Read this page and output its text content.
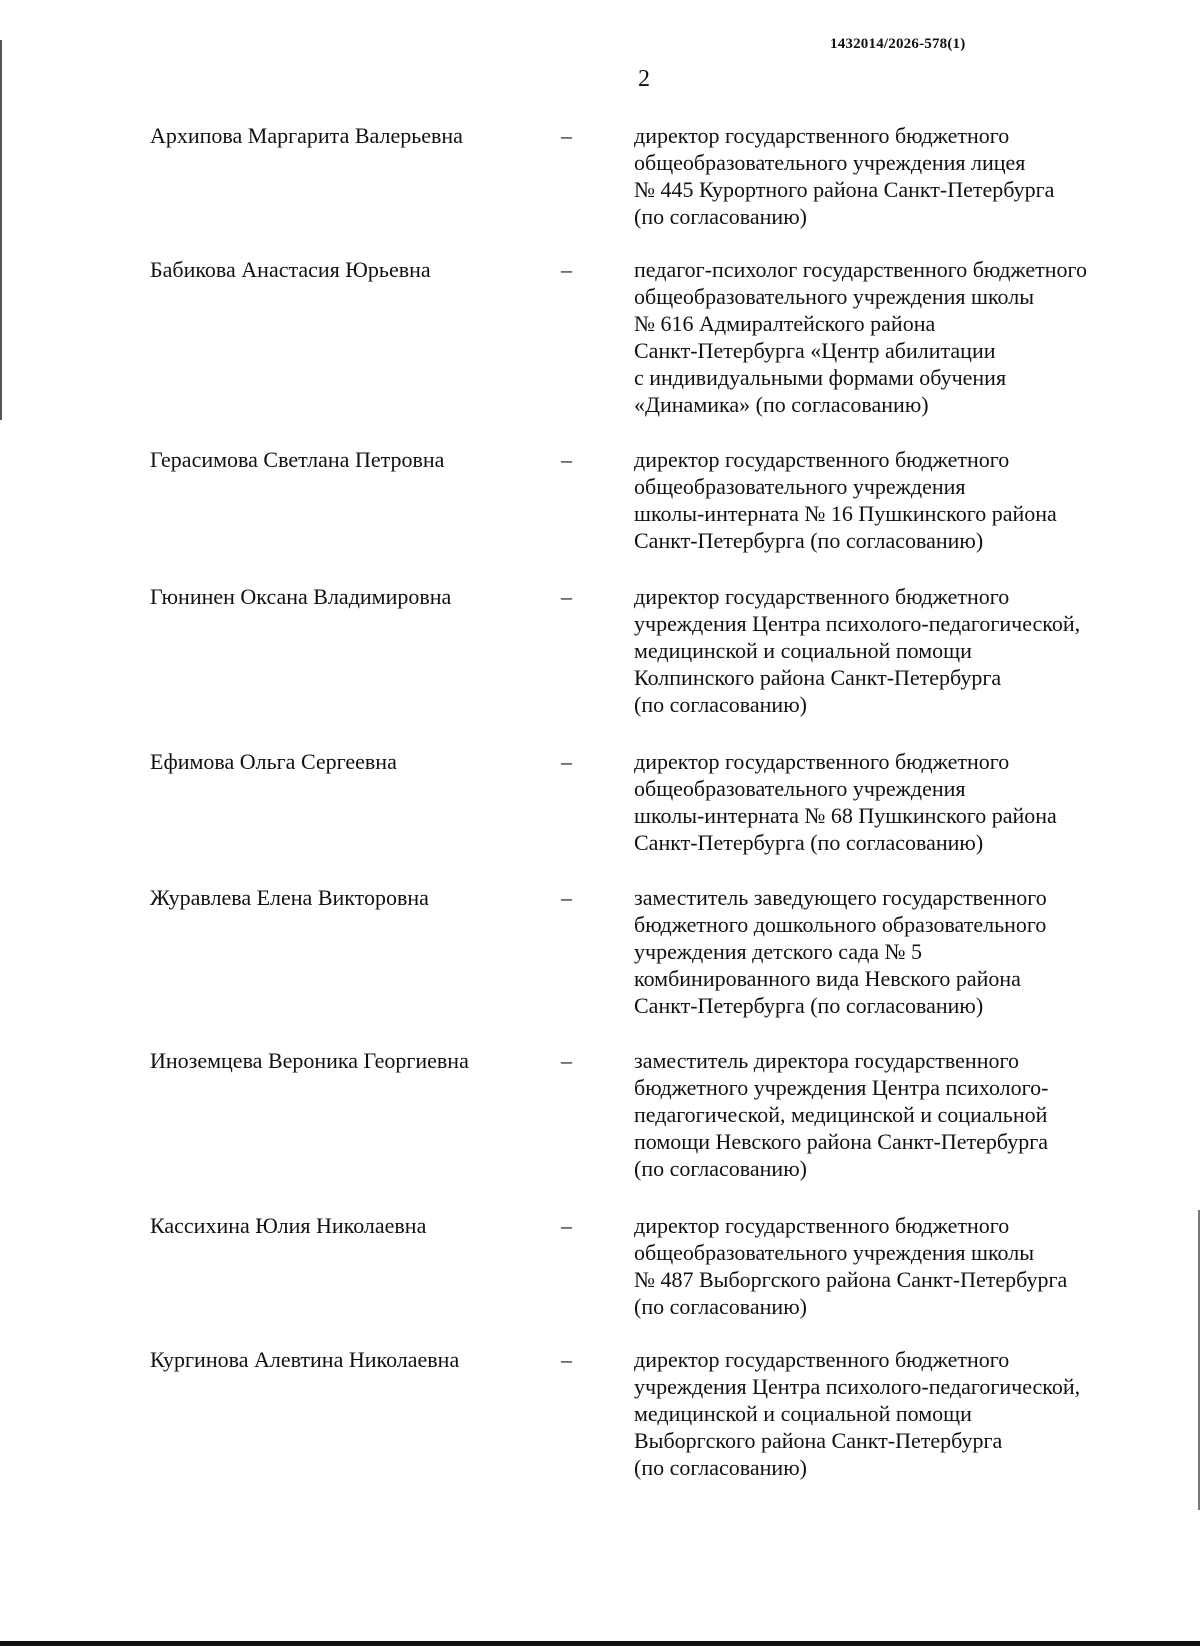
1432014/2026-578(1)
2
Архипова Маргарита Валерьевна	–	директор государственного бюджетного
общеобразовательного учреждения лицея
№ 445 Курортного района Санкт-Петербурга
(по согласованию)
Бабикова Анастасия Юрьевна	–	педагог-психолог государственного бюджетного
общеобразовательного учреждения школы
№ 616 Адмиралтейского района
Санкт-Петербурга «Центр абилитации
с индивидуальными формами обучения
«Динамика» (по согласованию)
Герасимова Светлана Петровна	–	директор государственного бюджетного
общеобразовательного учреждения
школы-интерната № 16 Пушкинского района
Санкт-Петербурга (по согласованию)
Гюнинен Оксана Владимировна	–	директор государственного бюджетного
учреждения Центра психолого-педагогической,
медицинской и социальной помощи
Колпинского района Санкт-Петербурга
(по согласованию)
Ефимова Ольга Сергеевна	–	директор государственного бюджетного
общеобразовательного учреждения
школы-интерната № 68 Пушкинского района
Санкт-Петербурга (по согласованию)
Журавлева Елена Викторовна	–	заместитель заведующего государственного
бюджетного дошкольного образовательного
учреждения детского сада № 5
комбинированного вида Невского района
Санкт-Петербурга (по согласованию)
Иноземцева Вероника Георгиевна	–	заместитель директора государственного
бюджетного учреждения Центра психолого-
педагогической, медицинской и социальной
помощи Невского района Санкт-Петербурга
(по согласованию)
Кассихина Юлия Николаевна	–	директор государственного бюджетного
общеобразовательного учреждения школы
№ 487 Выборгского района Санкт-Петербурга
(по согласованию)
Кургинова Алевтина Николаевна	–	директор государственного бюджетного
учреждения Центра психолого-педагогической,
медицинской и социальной помощи
Выборгского района Санкт-Петербурга
(по согласованию)
